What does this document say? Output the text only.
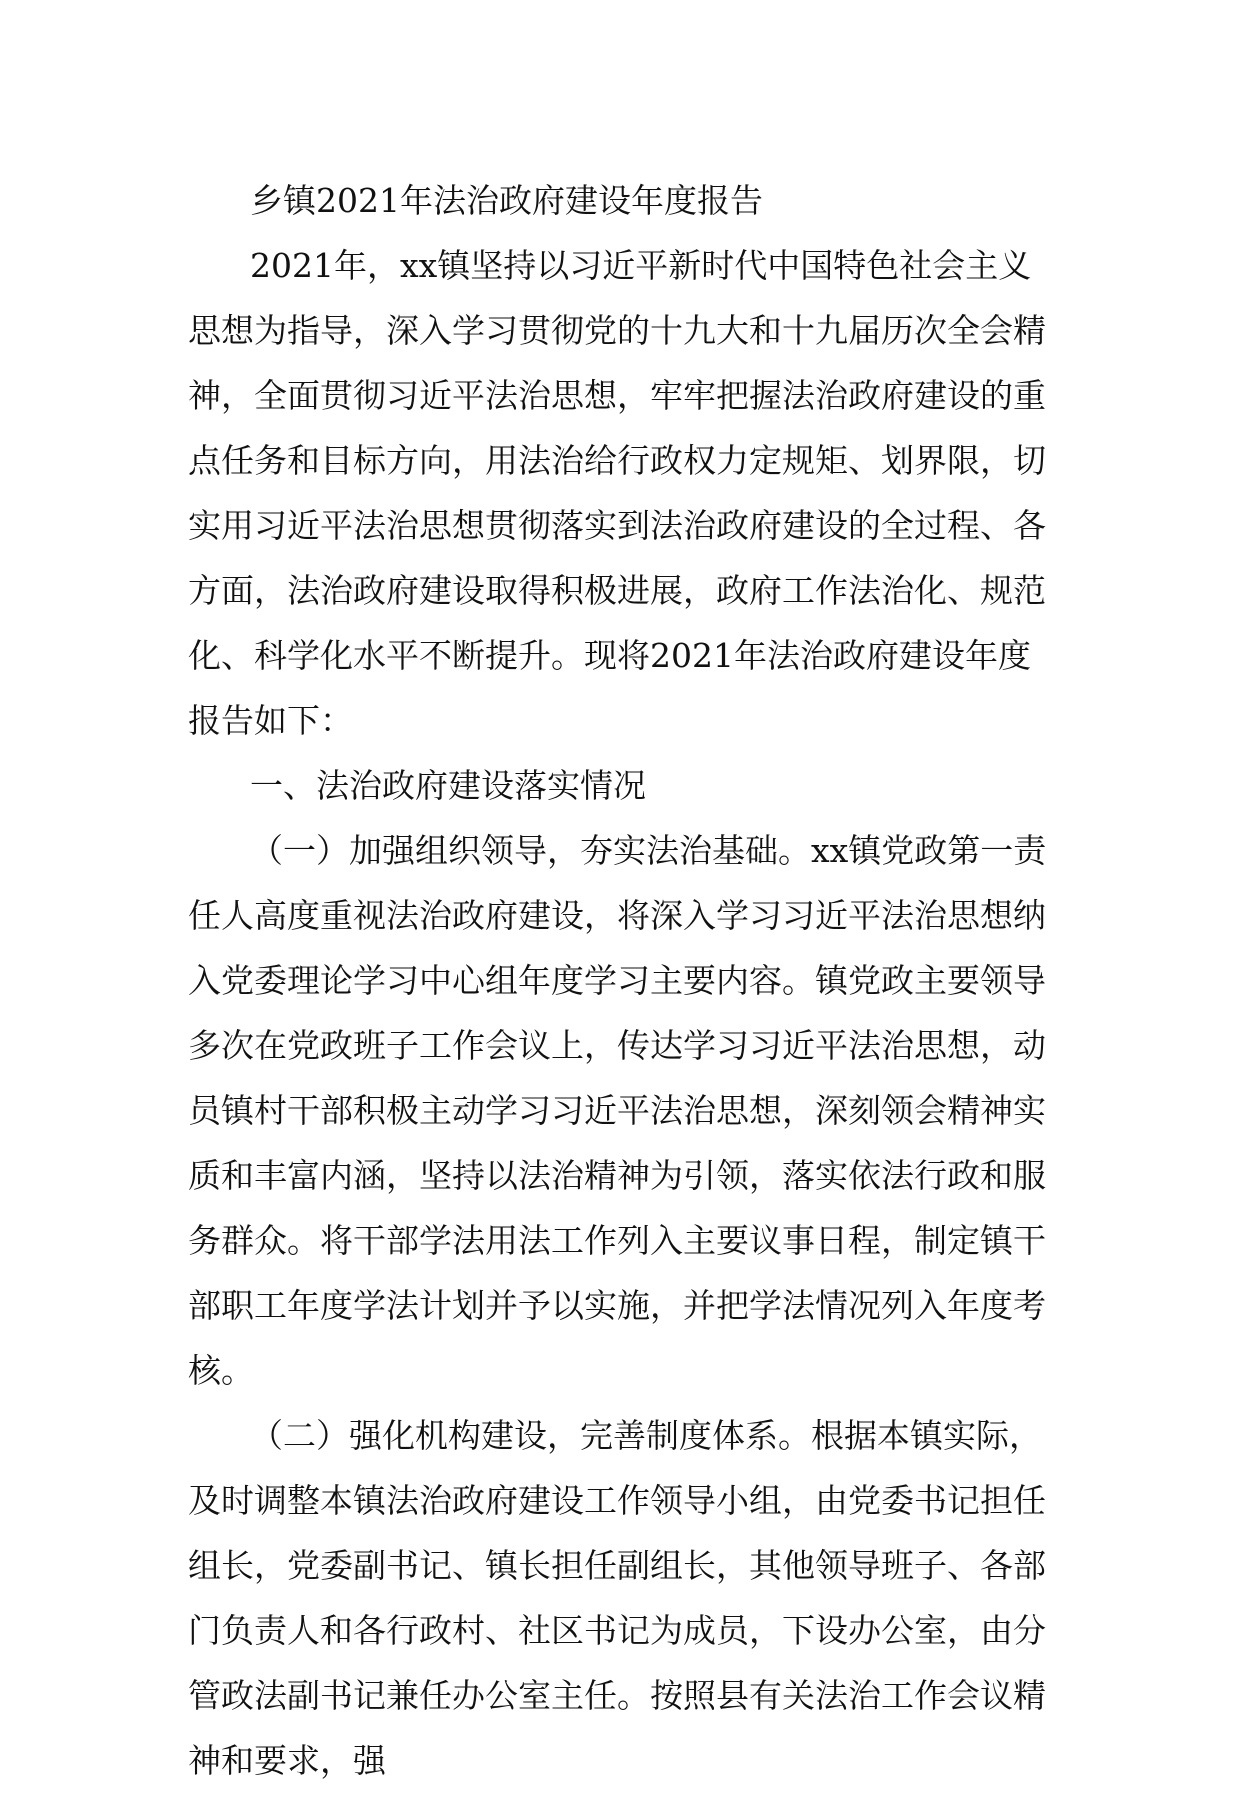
乡镇2021年法治政府建设年度报告

2021年，xx镇坚持以习近平新时代中国特色社会主义思想为指导，深入学习贯彻党的十九大和十九届历次全会精神，全面贯彻习近平法治思想，牢牢把握法治政府建设的重点任务和目标方向，用法治给行政权力定规矩、划界限，切实用习近平法治思想贯彻落实到法治政府建设的全过程、各方面，法治政府建设取得积极进展，政府工作法治化、规范化、科学化水平不断提升。现将2021年法治政府建设年度报告如下：

一、法治政府建设落实情况

（一）加强组织领导，夯实法治基础。xx镇党政第一责任人高度重视法治政府建设，将深入学习习近平法治思想纳入党委理论学习中心组年度学习主要内容。镇党政主要领导多次在党政班子工作会议上，传达学习习近平法治思想，动员镇村干部积极主动学习习近平法治思想，深刻领会精神实质和丰富内涵，坚持以法治精神为引领，落实依法行政和服务群众。将干部学法用法工作列入主要议事日程，制定镇干部职工年度学法计划并予以实施，并把学法情况列入年度考核。

（二）强化机构建设，完善制度体系。根据本镇实际，及时调整本镇法治政府建设工作领导小组，由党委书记担任组长，党委副书记、镇长担任副组长，其他领导班子、各部门负责人和各行政村、社区书记为成员，下设办公室，由分管政法副书记兼任办公室主任。按照县有关法治工作会议精神和要求，强
